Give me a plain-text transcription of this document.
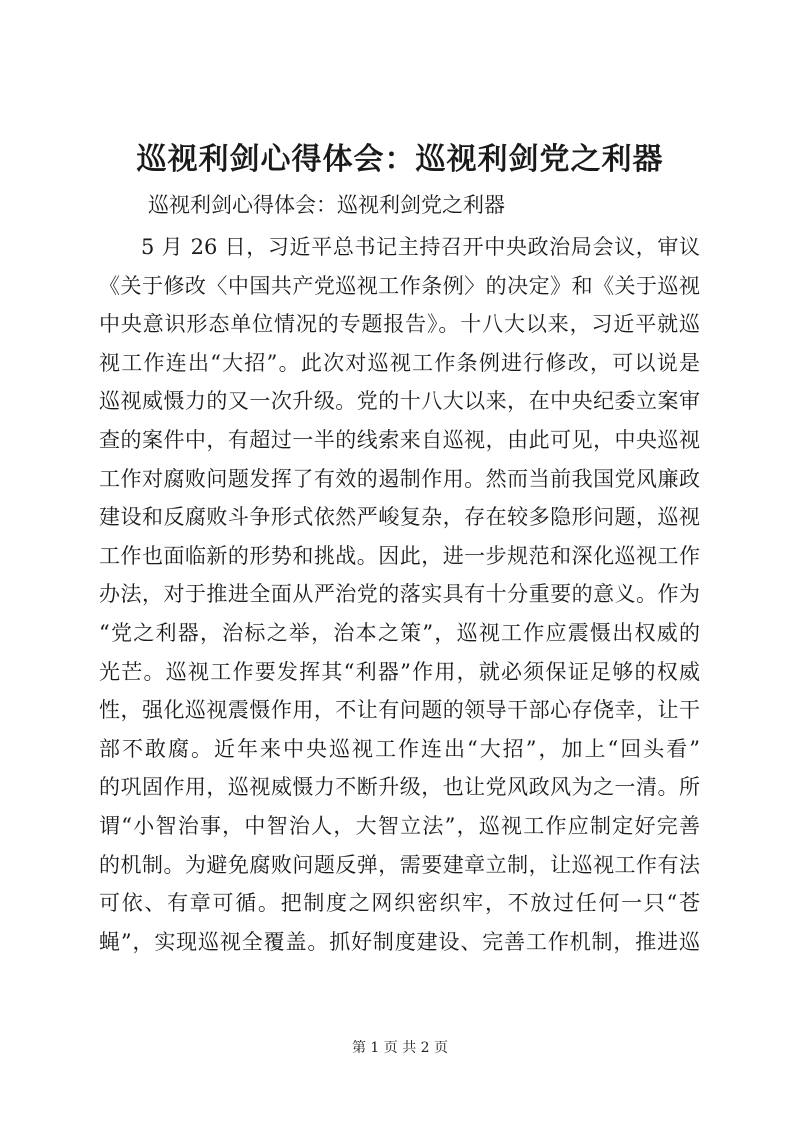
巡视利剑心得体会：巡视利剑党之利器

巡视利剑心得体会：巡视利剑党之利器

5 月 26 日，习近平总书记主持召开中央政治局会议，审议
《关于修改〈中国共产党巡视工作条例〉的决定》和《关于巡视
中央意识形态单位情况的专题报告》。十八大以来，习近平就巡
视工作连出“大招”。此次对巡视工作条例进行修改，可以说是
巡视威慑力的又一次升级。党的十八大以来，在中央纪委立案审
查的案件中，有超过一半的线索来自巡视，由此可见，中央巡视
工作对腐败问题发挥了有效的遏制作用。然而当前我国党风廉政
建设和反腐败斗争形式依然严峻复杂，存在较多隐形问题，巡视
工作也面临新的形势和挑战。因此，进一步规范和深化巡视工作
办法，对于推进全面从严治党的落实具有十分重要的意义。作为
“党之利器，治标之举，治本之策”，巡视工作应震慑出权威的
光芒。巡视工作要发挥其“利器”作用，就必须保证足够的权威
性，强化巡视震慑作用，不让有问题的领导干部心存侥幸，让干
部不敢腐。近年来中央巡视工作连出“大招”，加上“回头看”
的巩固作用，巡视威慑力不断升级，也让党风政风为之一清。所
谓“小智治事，中智治人，大智立法”，巡视工作应制定好完善
的机制。为避免腐败问题反弹，需要建章立制，让巡视工作有法
可依、有章可循。把制度之网织密织牢，不放过任何一只“苍
蝇”，实现巡视全覆盖。抓好制度建设、完善工作机制，推进巡
第 1 页 共 2 页
